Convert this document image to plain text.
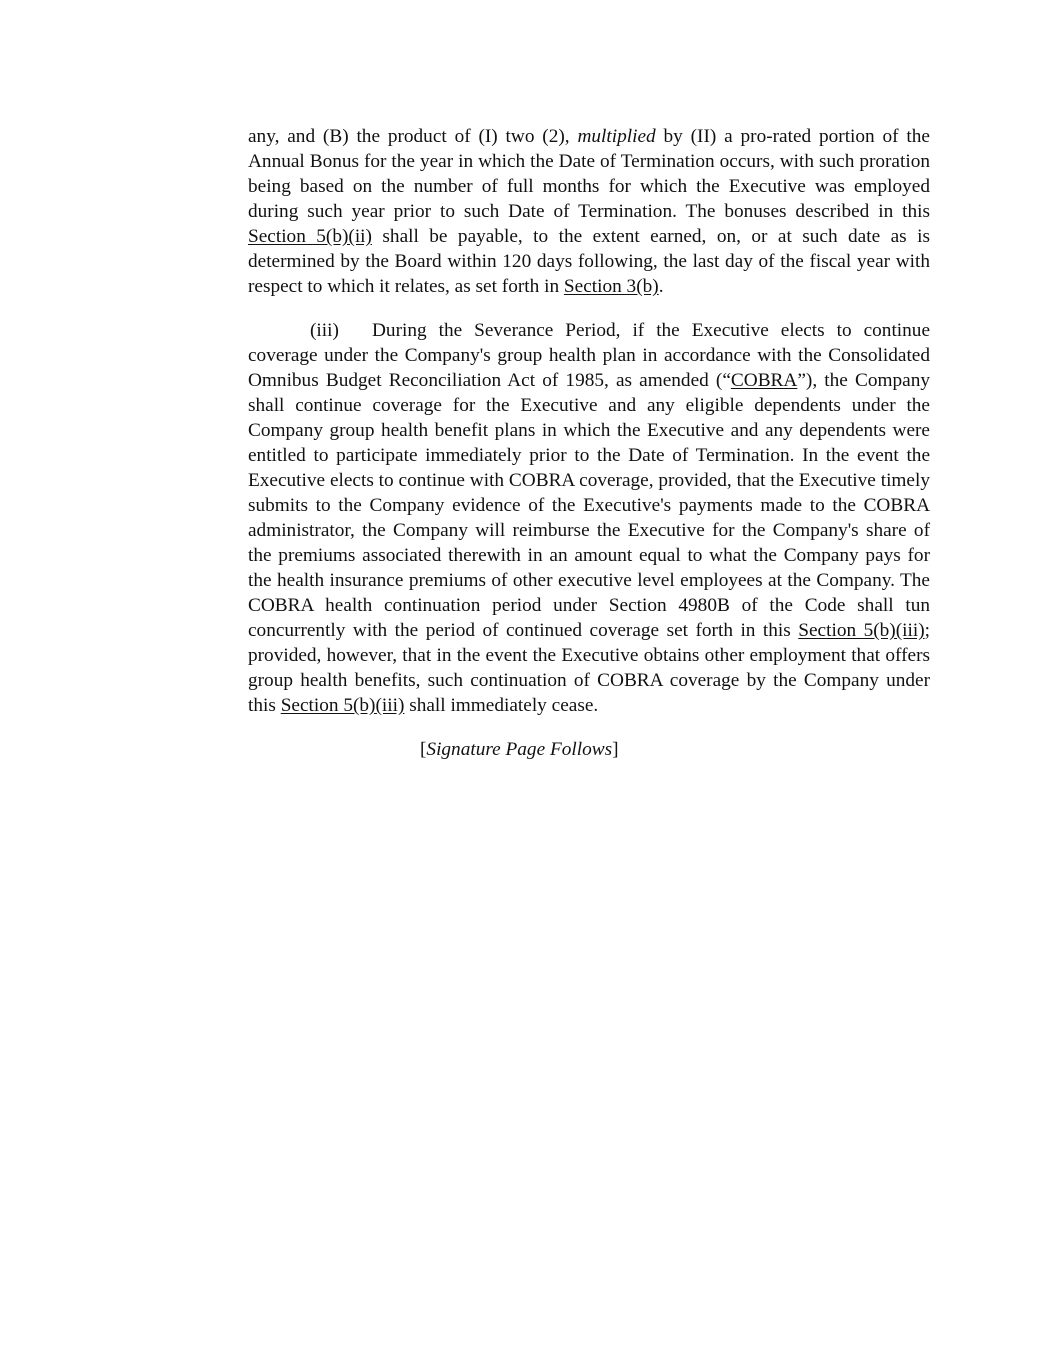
any, and (B) the product of (I) two (2), multiplied by (II) a pro-rated portion of the Annual Bonus for the year in which the Date of Termination occurs, with such proration being based on the number of full months for which the Executive was employed during such year prior to such Date of Termination. The bonuses described in this Section 5(b)(ii) shall be payable, to the extent earned, on, or at such date as is determined by the Board within 120 days following, the last day of the fiscal year with respect to which it relates, as set forth in Section 3(b).

(iii) During the Severance Period, if the Executive elects to continue coverage under the Company's group health plan in accordance with the Consolidated Omnibus Budget Reconciliation Act of 1985, as amended (“COBRA”), the Company shall continue coverage for the Executive and any eligible dependents under the Company group health benefit plans in which the Executive and any dependents were entitled to participate immediately prior to the Date of Termination. In the event the Executive elects to continue with COBRA coverage, provided, that the Executive timely submits to the Company evidence of the Executive's payments made to the COBRA administrator, the Company will reimburse the Executive for the Company's share of the premiums associated therewith in an amount equal to what the Company pays for the health insurance premiums of other executive level employees at the Company. The COBRA health continuation period under Section 4980B of the Code shall tun concurrently with the period of continued coverage set forth in this Section 5(b)(iii); provided, however, that in the event the Executive obtains other employment that offers group health benefits, such continuation of COBRA coverage by the Company under this Section 5(b)(iii) shall immediately cease.

[Signature Page Follows]
